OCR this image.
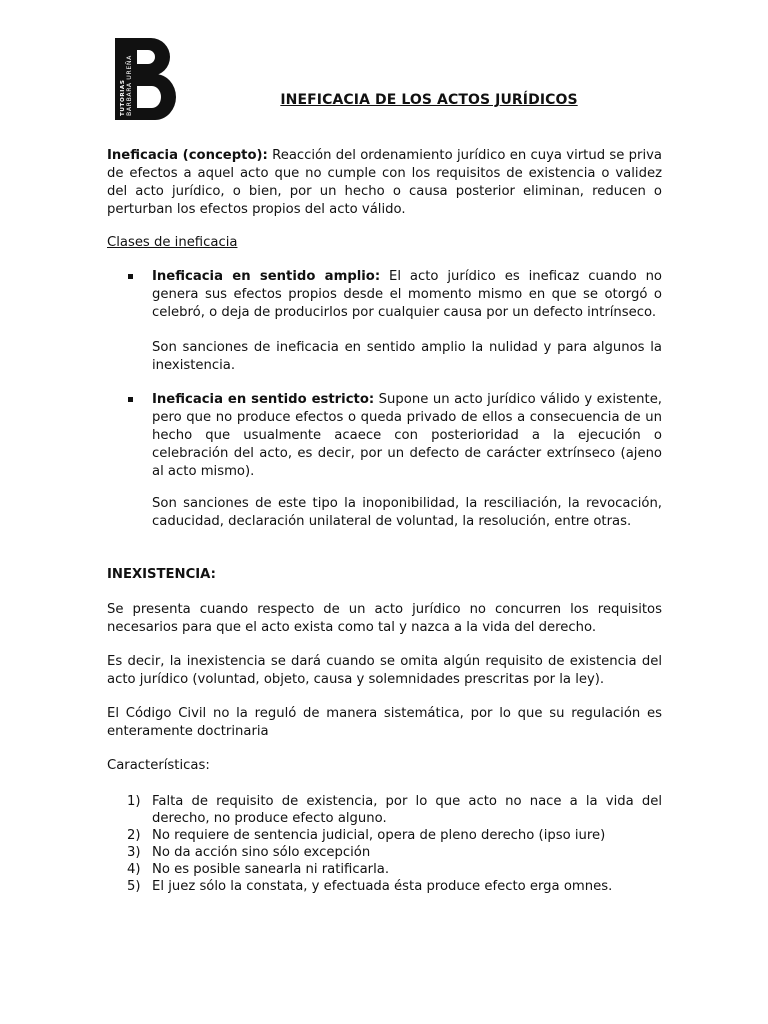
BARBARA UREÑA
TUTORIAS	INEFICACIA DE LOS ACTOS JURÍDICOS

Ineficacia (concepto): Reacción del ordenamiento jurídico en cuya virtud se priva de efectos a aquel acto que no cumple con los requisitos de existencia o validez del acto jurídico, o bien, por un hecho o causa posterior eliminan, reducen o perturban los efectos propios del acto válido.

Clases de ineficacia

Ineficacia en sentido amplio: El acto jurídico es ineficaz cuando no genera sus efectos propios desde el momento mismo en que se otorgó o celebró, o deja de producirlos por cualquier causa por un defecto intrínseco.
Son sanciones de ineficacia en sentido amplio la nulidad y para algunos la inexistencia.
Ineficacia en sentido estricto: Supone un acto jurídico válido y existente, pero que no produce efectos o queda privado de ellos a consecuencia de un hecho que usualmente acaece con posterioridad a la ejecución o celebración del acto, es decir, por un defecto de carácter extrínseco (ajeno al acto mismo).
Son sanciones de este tipo la inoponibilidad, la resciliación, la revocación, caducidad, declaración unilateral de voluntad, la resolución, entre otras.

INEXISTENCIA:

Se presenta cuando respecto de un acto jurídico no concurren los requisitos necesarios para que el acto exista como tal y nazca a la vida del derecho.

Es decir, la inexistencia se dará cuando se omita algún requisito de existencia del acto jurídico (voluntad, objeto, causa y solemnidades prescritas por la ley).

El Código Civil no la reguló de manera sistemática, por lo que su regulación es enteramente doctrinaria

Características:

1) Falta de requisito de existencia, por lo que acto no nace a la vida del derecho, no produce efecto alguno.
2) No requiere de sentencia judicial, opera de pleno derecho (ipso iure)
3) No da acción sino sólo excepción
4) No es posible sanearla ni ratificarla.
5) El juez sólo la constata, y efectuada ésta produce efecto erga omnes.
